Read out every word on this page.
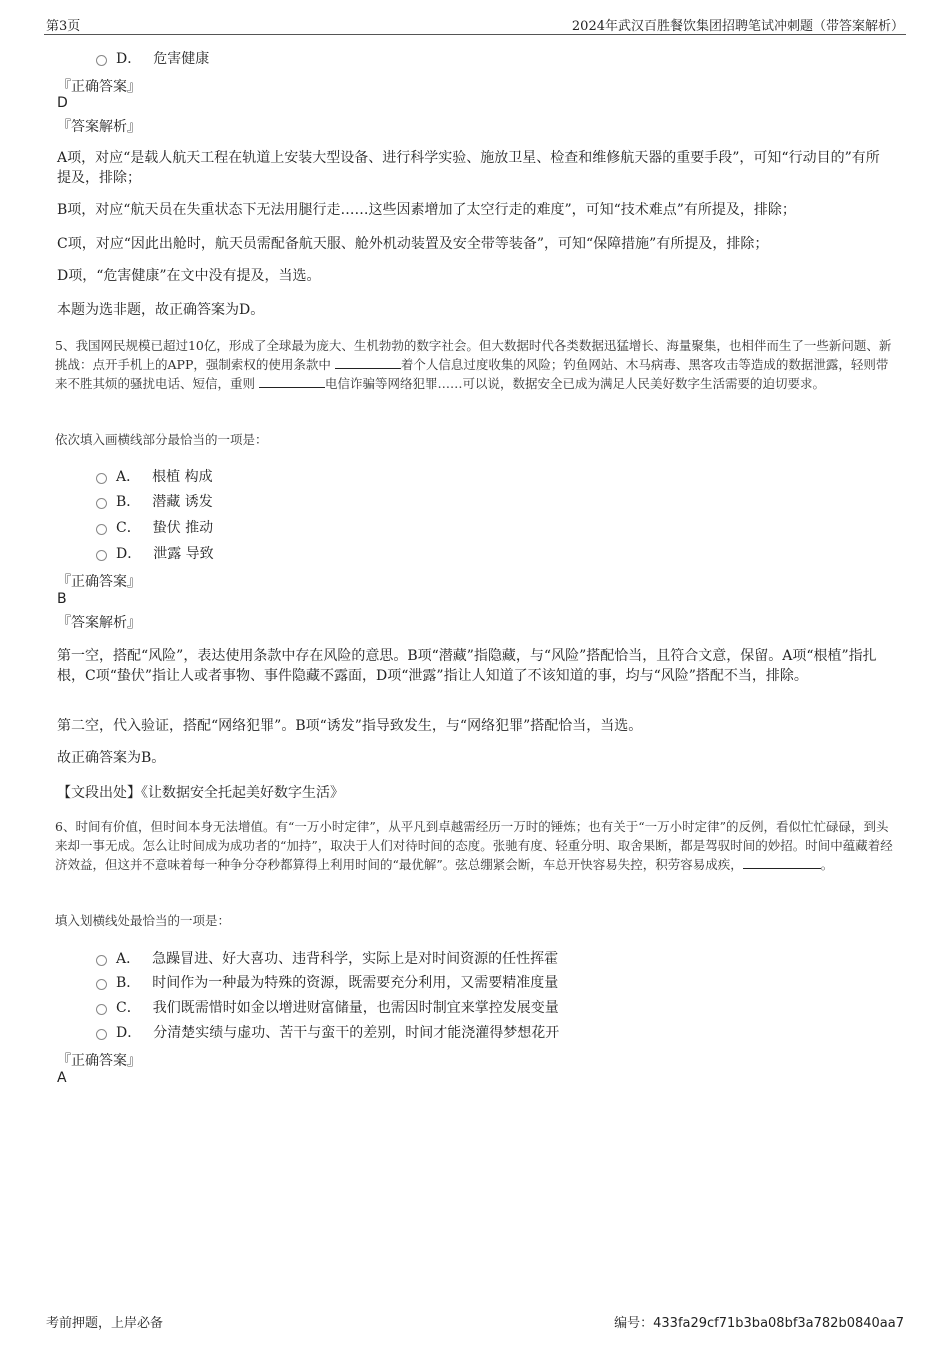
第3页	2024年武汉百胜餐饮集团招聘笔试冲刺题（带答案解析）
D． 危害健康
『正确答案』
D
『答案解析』
A项，对应“是载人航天工程在轨道上安装大型设备、进行科学实验、施放卫星、检查和维修航天器的重要手段”，可知“行动目的”有所提及，排除；
B项，对应“航天员在失重状态下无法用腿行走……这些因素增加了太空行走的难度”，可知“技术难点”有所提及，排除；
C项，对应“因此出舱时，航天员需配备航天服、舱外机动装置及安全带等装备”，可知“保障措施”有所提及，排除；
D项，“危害健康”在文中没有提及，当选。
本题为选非题，故正确答案为D。
5、我国网民规模已超过10亿，形成了全球最为庞大、生机勃勃的数字社会。但大数据时代各类数据迅猛增长、海量聚集，也相伴而生了一些新问题、新挑战：点开手机上的APP，强制索权的使用条款中	着个人信息过度收集的风险；钓鱼网站、木马病毒、黑客攻击等造成的数据泄露，轻则带来不胜其烦的骚扰电话、短信，重则	电信诈骗等网络犯罪……可以说，数据安全已成为满足人民美好数字生活需要的迫切要求。
依次填入画横线部分最恰当的一项是：
A． 根植 构成
B． 潜藏 诱发
C． 蛰伏 推动
D． 泄露 导致
『正确答案』
B
『答案解析』
第一空，搭配“风险”，表达使用条款中存在风险的意思。B项“潜藏”指隐藏，与“风险”搭配恰当，且符合文意，保留。A项“根植”指扎根，C项“蛰伏”指让人或者事物、事件隐藏不露面，D项“泄露”指让人知道了不该知道的事，均与“风险”搭配不当，排除。
第二空，代入验证，搭配“网络犯罪”。B项“诱发”指导致发生，与“网络犯罪”搭配恰当，当选。
故正确答案为B。
【文段出处】《让数据安全托起美好数字生活》
6、时间有价值，但时间本身无法增值。有“一万小时定律”，从平凡到卓越需经历一万时的锤炼；也有关于“一万小时定律”的反例，看似忙忙碌碌，到头来却一事无成。怎么让时间成为成功者的“加持”，取决于人们对待时间的态度。张驰有度、轻重分明、取舍果断，都是驾驭时间的妙招。时间中蕴藏着经济效益，但这并不意味着每一种争分夺秒都算得上利用时间的“最优解”。弦总绷紧会断，车总开快容易失控，积劳容易成疾，	。
填入划横线处最恰当的一项是：
A． 急躁冒进、好大喜功、违背科学，实际上是对时间资源的任性挥霍
B． 时间作为一种最为特殊的资源，既需要充分利用，又需要精准度量
C． 我们既需惜时如金以增进财富储量，也需因时制宜来掌控发展变量
D． 分清楚实绩与虚功、苦干与蛮干的差别，时间才能浇灌得梦想花开
『正确答案』
A
考前押题，上岸必备	编号：433fa29cf71b3ba08bf3a782b0840aa7
